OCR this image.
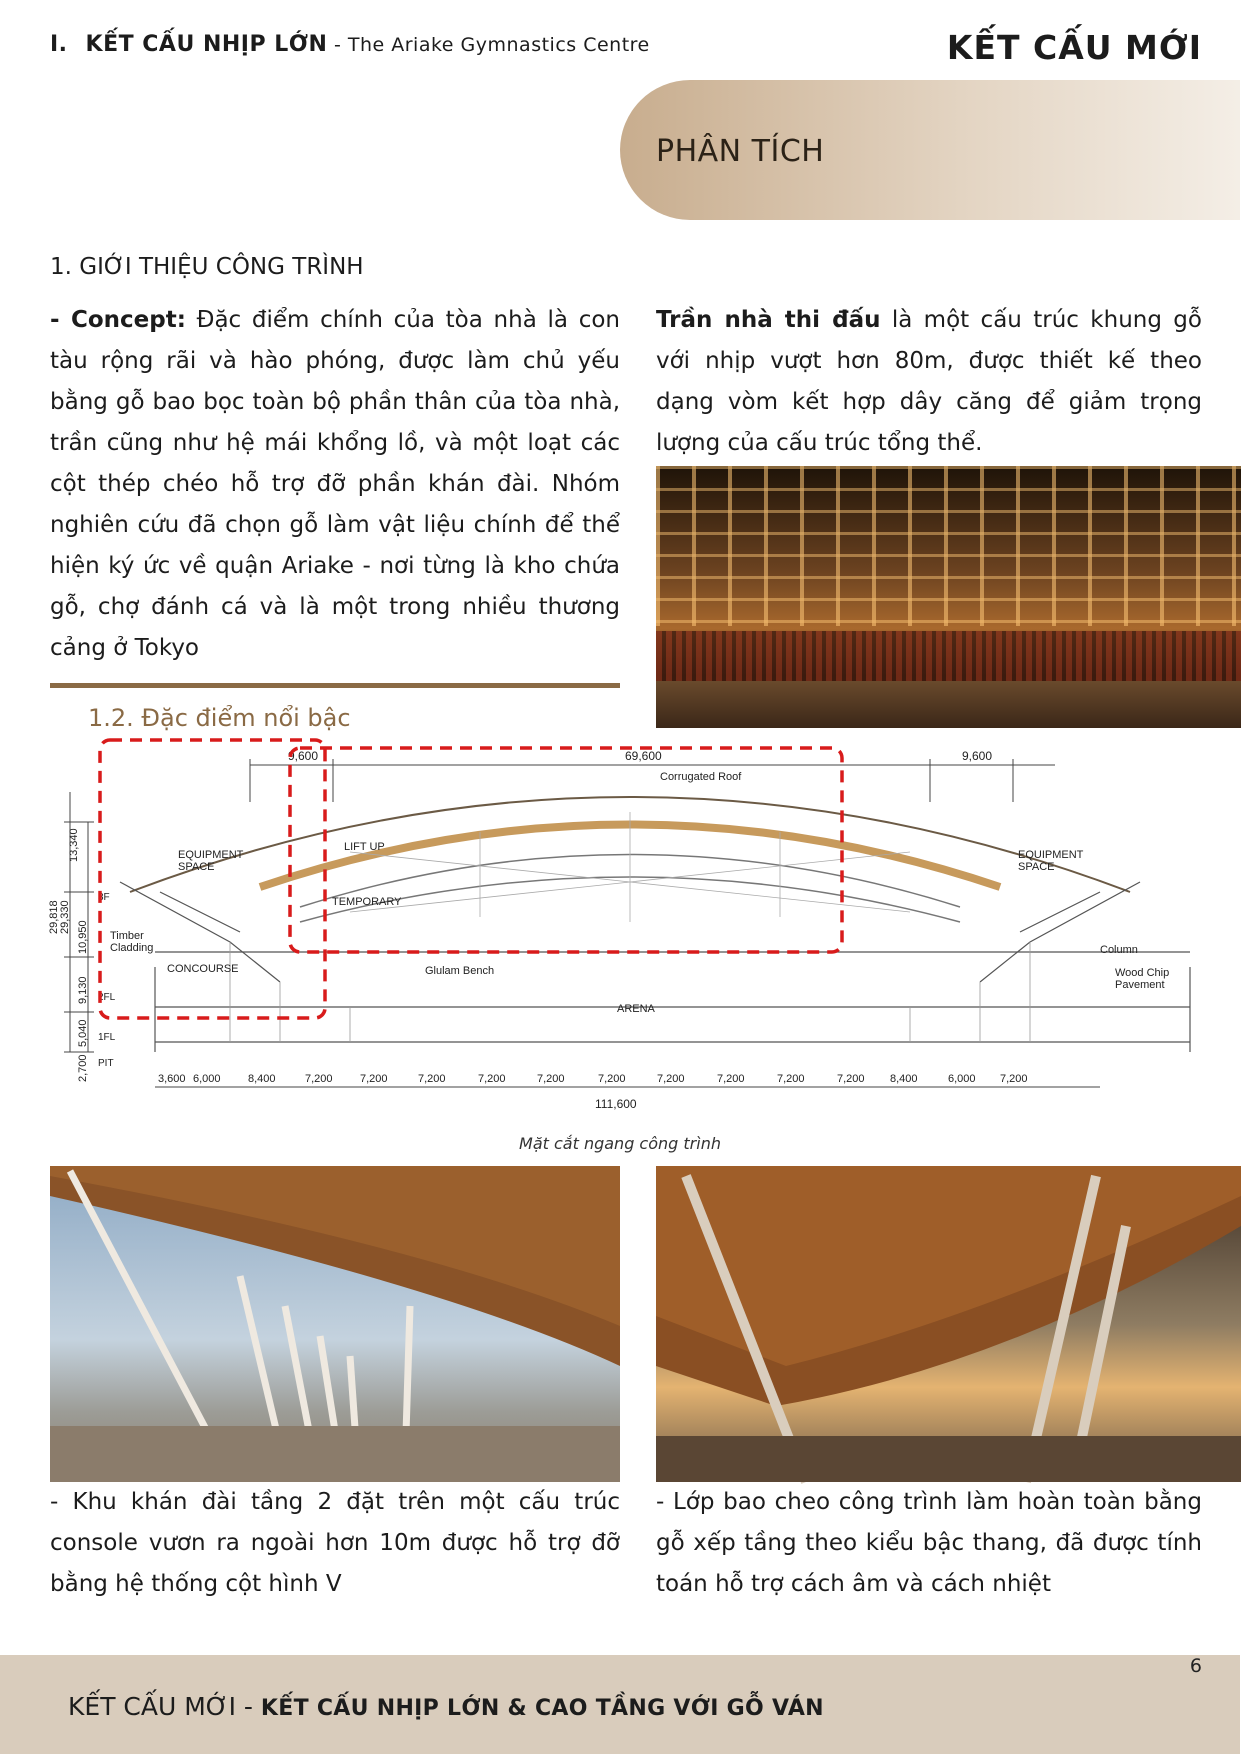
I. KẾT CẤU NHỊP LỚN - The Ariake Gymnastics Centre	KẾT CẤU MỚI
PHÂN TÍCH
1. GIỚI THIỆU CÔNG TRÌNH
- Concept: Đặc điểm chính của tòa nhà là con tàu rộng rãi và hào phóng, được làm chủ yếu bằng gỗ bao bọc toàn bộ phần thân của tòa nhà, trần cũng như hệ mái khổng lồ, và một loạt các cột thép chéo hỗ trợ đỡ phần khán đài. Nhóm nghiên cứu đã chọn gỗ làm vật liệu chính để thể hiện ký ức về quận Ariake - nơi từng là kho chứa gỗ, chợ đánh cá và là một trong nhiều thương cảng ở Tokyo
Trần nhà thi đấu là một cấu trúc khung gỗ với nhịp vượt hơn 80m, được thiết kế theo dạng vòm kết hợp dây căng để giảm trọng lượng của cấu trúc tổng thể.
1.2. Đặc điểm nổi bậc
9,600	69,600	9,600
Corrugated Roof
LIFT UP
TEMPORARY
EQUIPMENT
SPACE
EQUIPMENT
SPACE
Timber
Cladding
CONCOURSE	Glulam Bench
ARENA
Column
Wood Chip
Pavement
13,340
29,818 29,330
10,950
9,130
5,040
2,700
3F
2FL
1FL
PIT
3,600 6,000 8,400	7,200 7,200	7,200	7,200	7,200	7,200	7,200	7,200	7,200	7,200 8,400	6,000 7,200
111,600
Mặt cắt ngang công trình
- Khu khán đài tầng 2 đặt trên một cấu trúc console vươn ra ngoài hơn 10m được hỗ trợ đỡ bằng hệ thống cột hình V
- Lớp bao cheo công trình làm hoàn toàn bằng gỗ xếp tầng theo kiểu bậc thang, đã được tính toán hỗ trợ cách âm và cách nhiệt
6
KẾT CẤU MỚI - KẾT CẤU NHỊP LỚN & CAO TẦNG VỚI GỖ VÁN
